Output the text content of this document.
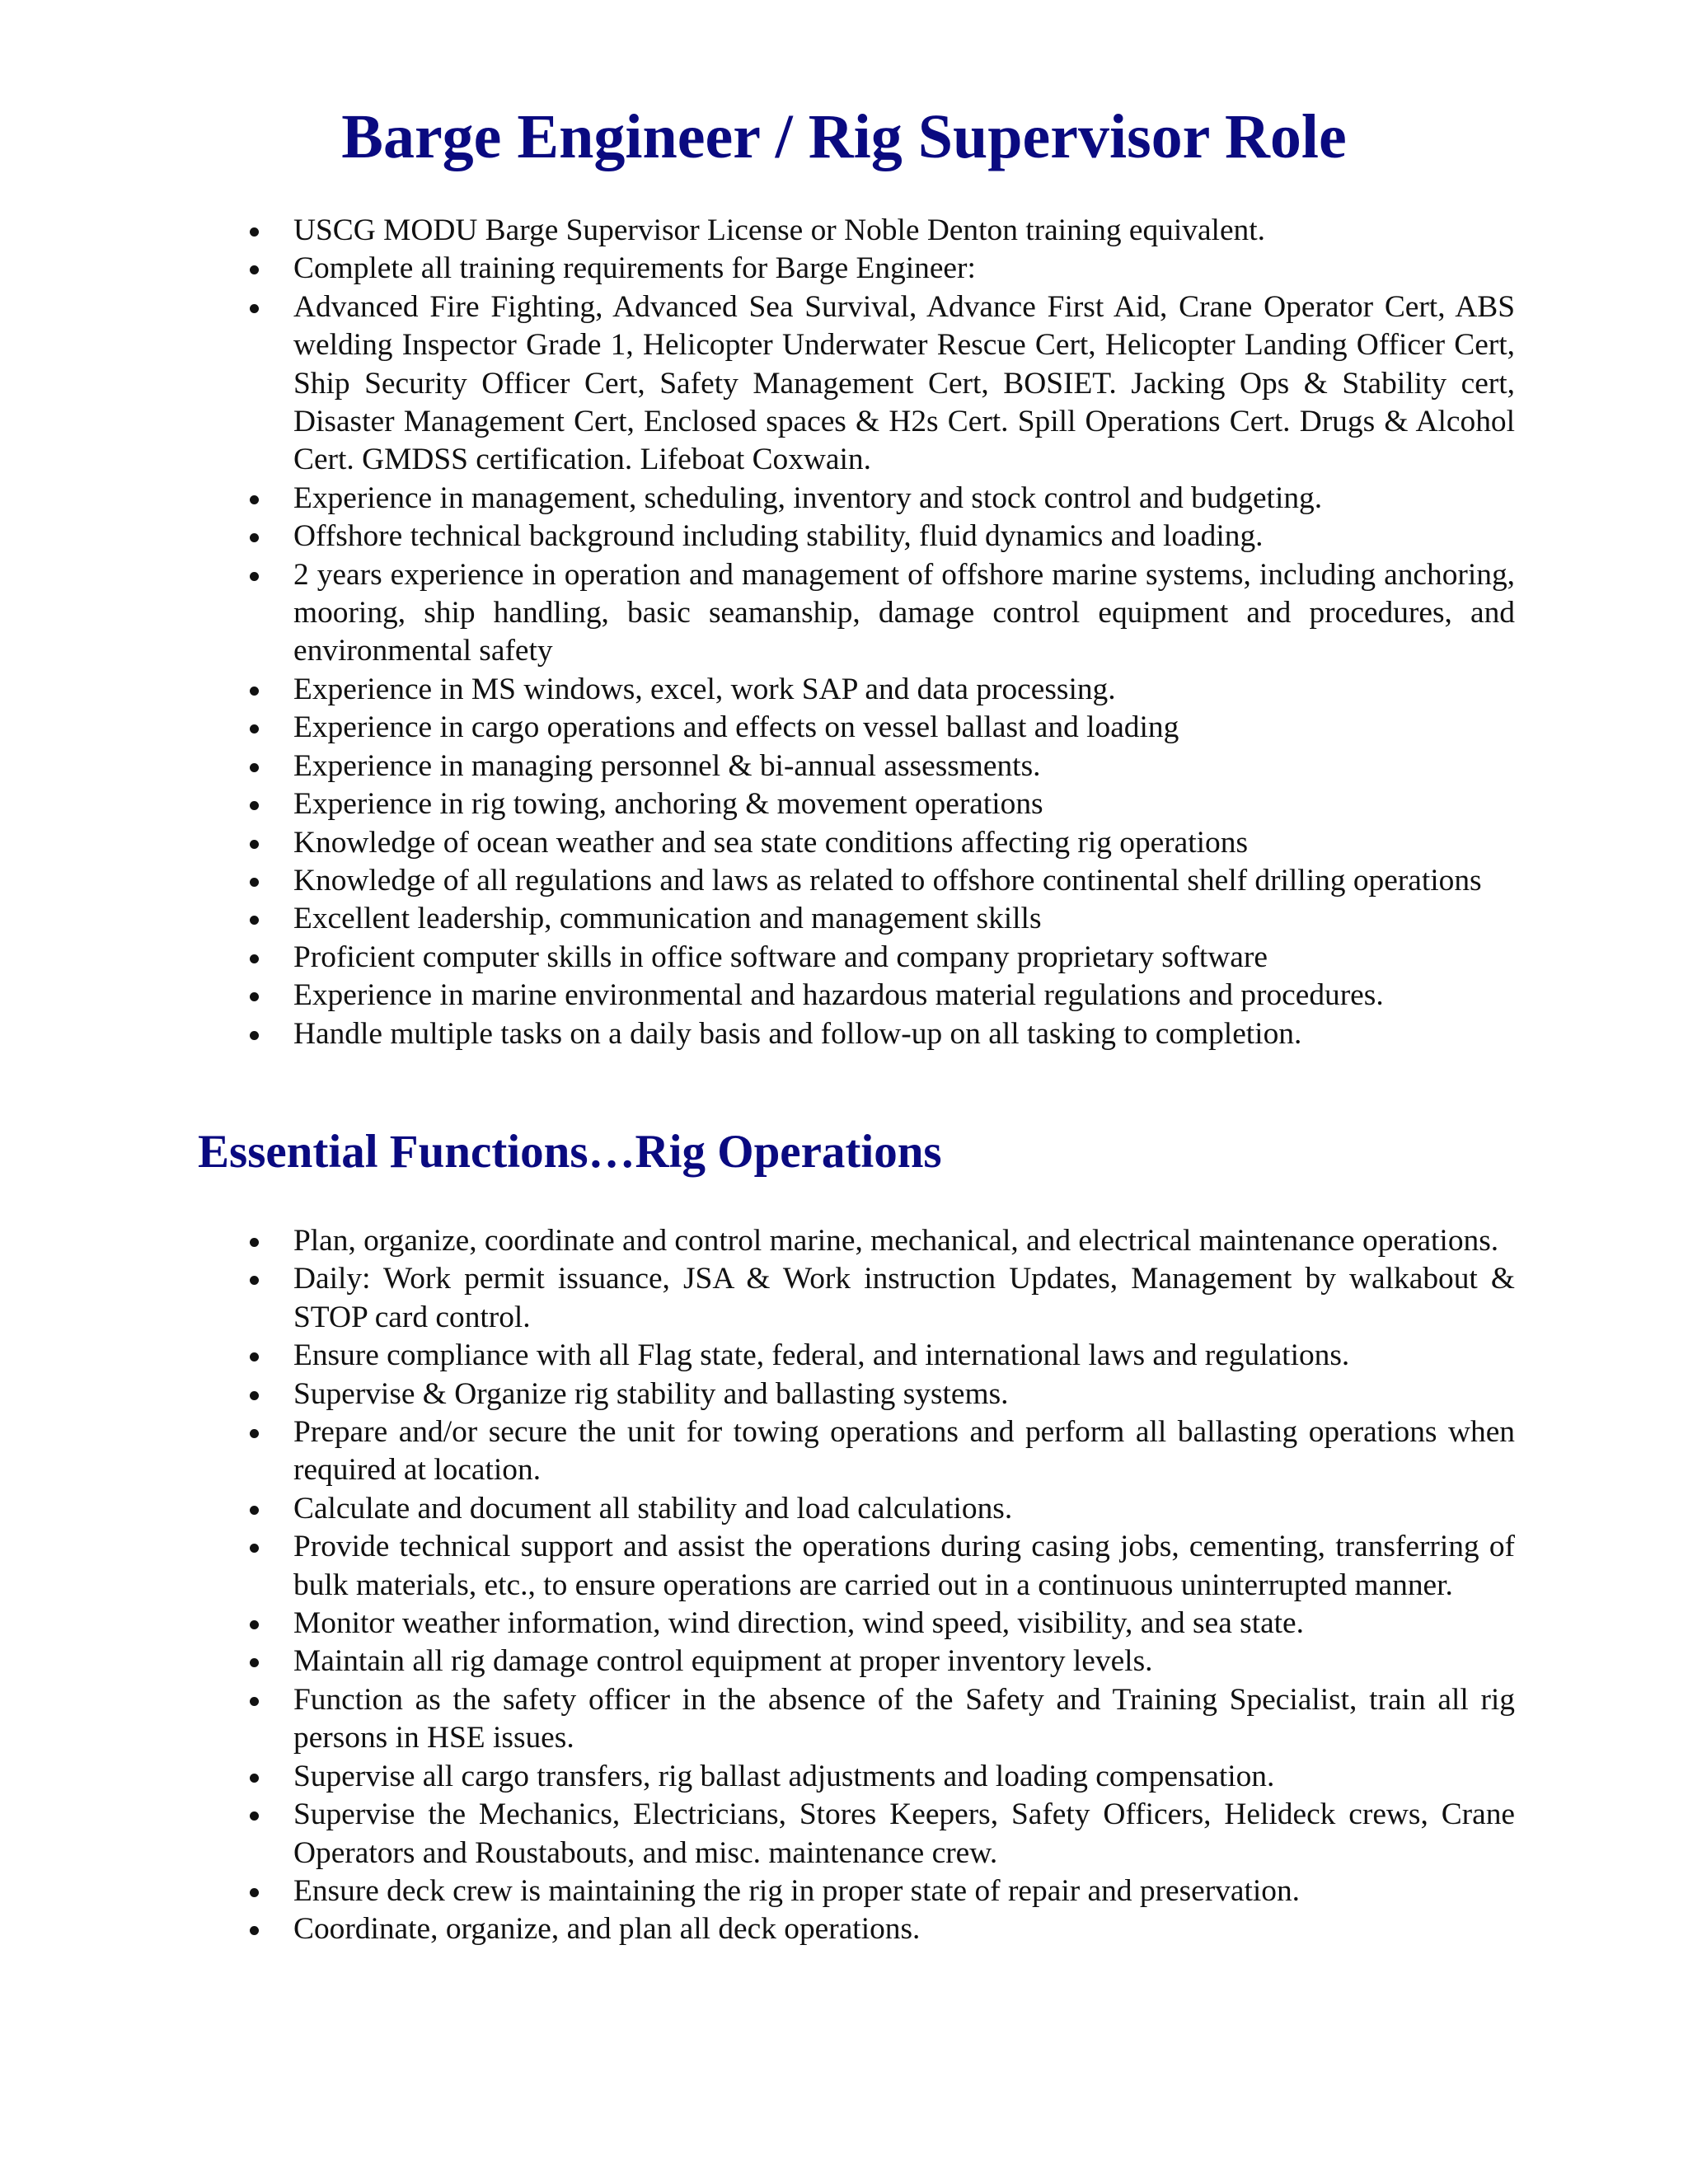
Barge Engineer / Rig Supervisor Role
USCG MODU Barge Supervisor License or Noble Denton training equivalent.
Complete all training requirements for Barge Engineer:
Advanced Fire Fighting, Advanced Sea Survival, Advance First Aid, Crane Operator Cert, ABS welding Inspector Grade 1, Helicopter Underwater Rescue Cert, Helicopter Landing Officer Cert, Ship Security Officer Cert, Safety Management Cert, BOSIET. Jacking Ops & Stability cert, Disaster Management Cert, Enclosed spaces & H2s Cert. Spill Operations Cert. Drugs & Alcohol Cert. GMDSS certification. Lifeboat Coxwain.
Experience in management, scheduling, inventory and stock control and budgeting.
Offshore technical background including stability, fluid dynamics and loading.
2 years experience in operation and management of offshore marine systems, including anchoring, mooring, ship handling, basic seamanship, damage control equipment and procedures, and environmental safety
Experience in MS windows, excel, work SAP and data processing.
Experience in cargo operations and effects on vessel ballast and loading
Experience in managing personnel & bi-annual assessments.
Experience in rig towing, anchoring & movement operations
Knowledge of ocean weather and sea state conditions affecting rig operations
Knowledge of all regulations and laws as related to offshore continental shelf drilling operations
Excellent leadership, communication and management skills
Proficient computer skills in office software and company proprietary software
Experience in marine environmental and hazardous material regulations and procedures.
Handle multiple tasks on a daily basis and follow-up on all tasking to completion.
Essential Functions…Rig Operations
Plan, organize, coordinate and control marine, mechanical, and electrical maintenance operations.
Daily: Work permit issuance, JSA & Work instruction Updates, Management by walkabout & STOP card control.
Ensure compliance with all Flag state, federal, and international laws and regulations.
Supervise & Organize rig stability and ballasting systems.
Prepare and/or secure the unit for towing operations and perform all ballasting operations when required at location.
Calculate and document all stability and load calculations.
Provide technical support and assist the operations during casing jobs, cementing, transferring of bulk materials, etc., to ensure operations are carried out in a continuous uninterrupted manner.
Monitor weather information, wind direction, wind speed, visibility, and sea state.
Maintain all rig damage control equipment at proper inventory levels.
Function as the safety officer in the absence of the Safety and Training Specialist, train all rig persons in HSE issues.
Supervise all cargo transfers, rig ballast adjustments and loading compensation.
Supervise the Mechanics, Electricians, Stores Keepers, Safety Officers, Helideck crews, Crane Operators and Roustabouts, and misc. maintenance crew.
Ensure deck crew is maintaining the rig in proper state of repair and preservation.
Coordinate, organize, and plan all deck operations.
